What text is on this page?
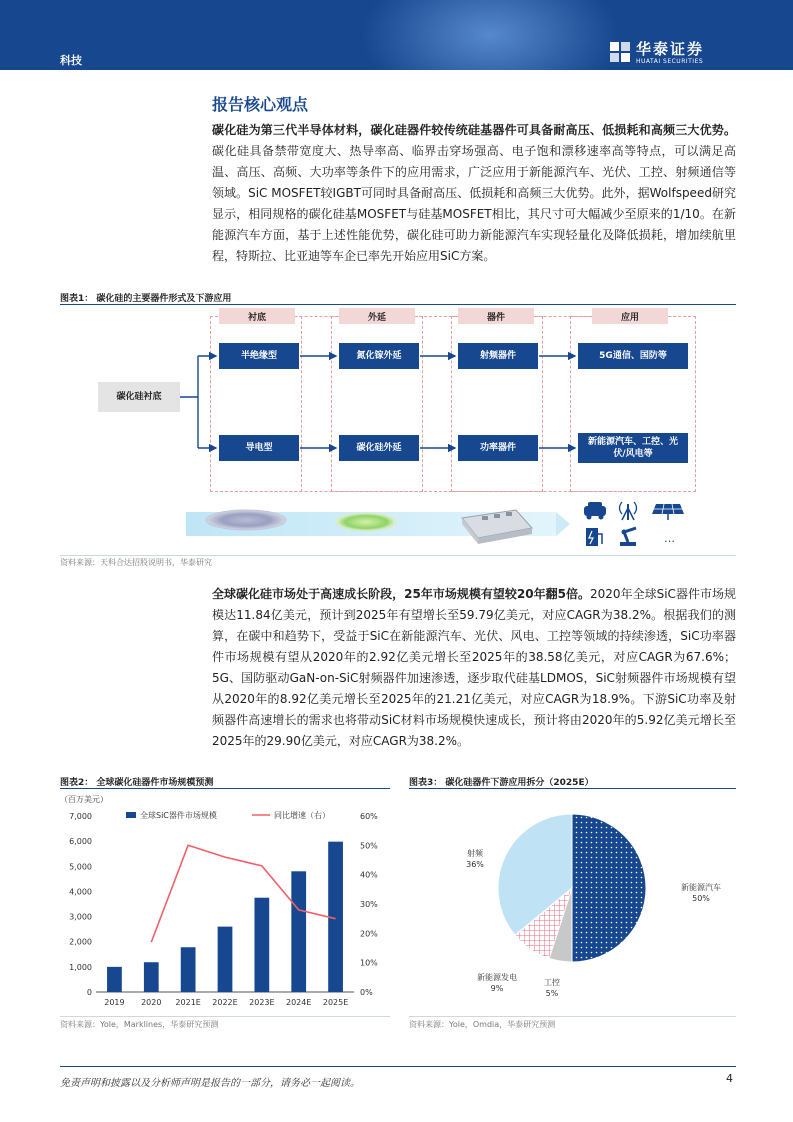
科技
华泰证券
HUATAI SECURITIES
报告核心观点
碳化硅为第三代半导体材料，碳化硅器件较传统硅基器件可具备耐高压、低损耗和高频三大优势。碳化硅具备禁带宽度大、热导率高、临界击穿场强高、电子饱和漂移速率高等特点，可以满足高温、高压、高频、大功率等条件下的应用需求，广泛应用于新能源汽车、光伏、工控、射频通信等领域。SiC MOSFET较IGBT可同时具备耐高压、低损耗和高频三大优势。此外，据Wolfspeed研究显示，相同规格的碳化硅基MOSFET与硅基MOSFET相比，其尺寸可大幅减少至原来的1/10。在新能源汽车方面，基于上述性能优势，碳化硅可助力新能源汽车实现轻量化及降低损耗，增加续航里程，特斯拉、比亚迪等车企已率先开始应用SiC方案。
图表1： 碳化硅的主要器件形式及下游应用
衬底	外延	器件	应用
碳化硅衬底
半绝缘型	氮化镓外延	射频器件	5G通信、国防等
导电型	碳化硅外延	功率器件
新能源汽车、工控、光伏/风电等
…
资料来源：天科合达招股说明书，华泰研究
全球碳化硅市场处于高速成长阶段，25年市场规模有望较20年翻5倍。2020年全球SiC器件市场规模达11.84亿美元，预计到2025年有望增长至59.79亿美元，对应CAGR为38.2%。根据我们的测算，在碳中和趋势下，受益于SiC在新能源汽车、光伏、风电、工控等领域的持续渗透，SiC功率器件市场规模有望从2020年的2.92亿美元增长至2025年的38.58亿美元，对应CAGR为67.6%；5G、国防驱动GaN-on-SiC射频器件加速渗透，逐步取代硅基LDMOS，SiC射频器件市场规模有望从2020年的8.92亿美元增长至2025年的21.21亿美元，对应CAGR为18.9%。下游SiC功率及射频器件高速增长的需求也将带动SiC材料市场规模快速成长，预计将由2020年的5.92亿美元增长至2025年的29.90亿美元，对应CAGR为38.2%。
图表2： 全球碳化硅器件市场规模预测
（百万美元）
全球SiC器件市场规模	同比增速（右）
0
1,000
2,000
3,000
4,000
5,000
6,000
7,000
0%
10%
20%
30%
40%
50%
60%
2019 2020 2021E 2022E 2023E 2024E 2025E
资料来源：Yole，Marklines，华泰研究预测
图表3： 碳化硅器件下游应用拆分（2025E）
新能源汽车
50%
工控
5%
新能源发电
9%
射频
36%
资料来源：Yole，Omdia，华泰研究预测
免责声明和披露以及分析师声明是报告的一部分，请务必一起阅读。	4
